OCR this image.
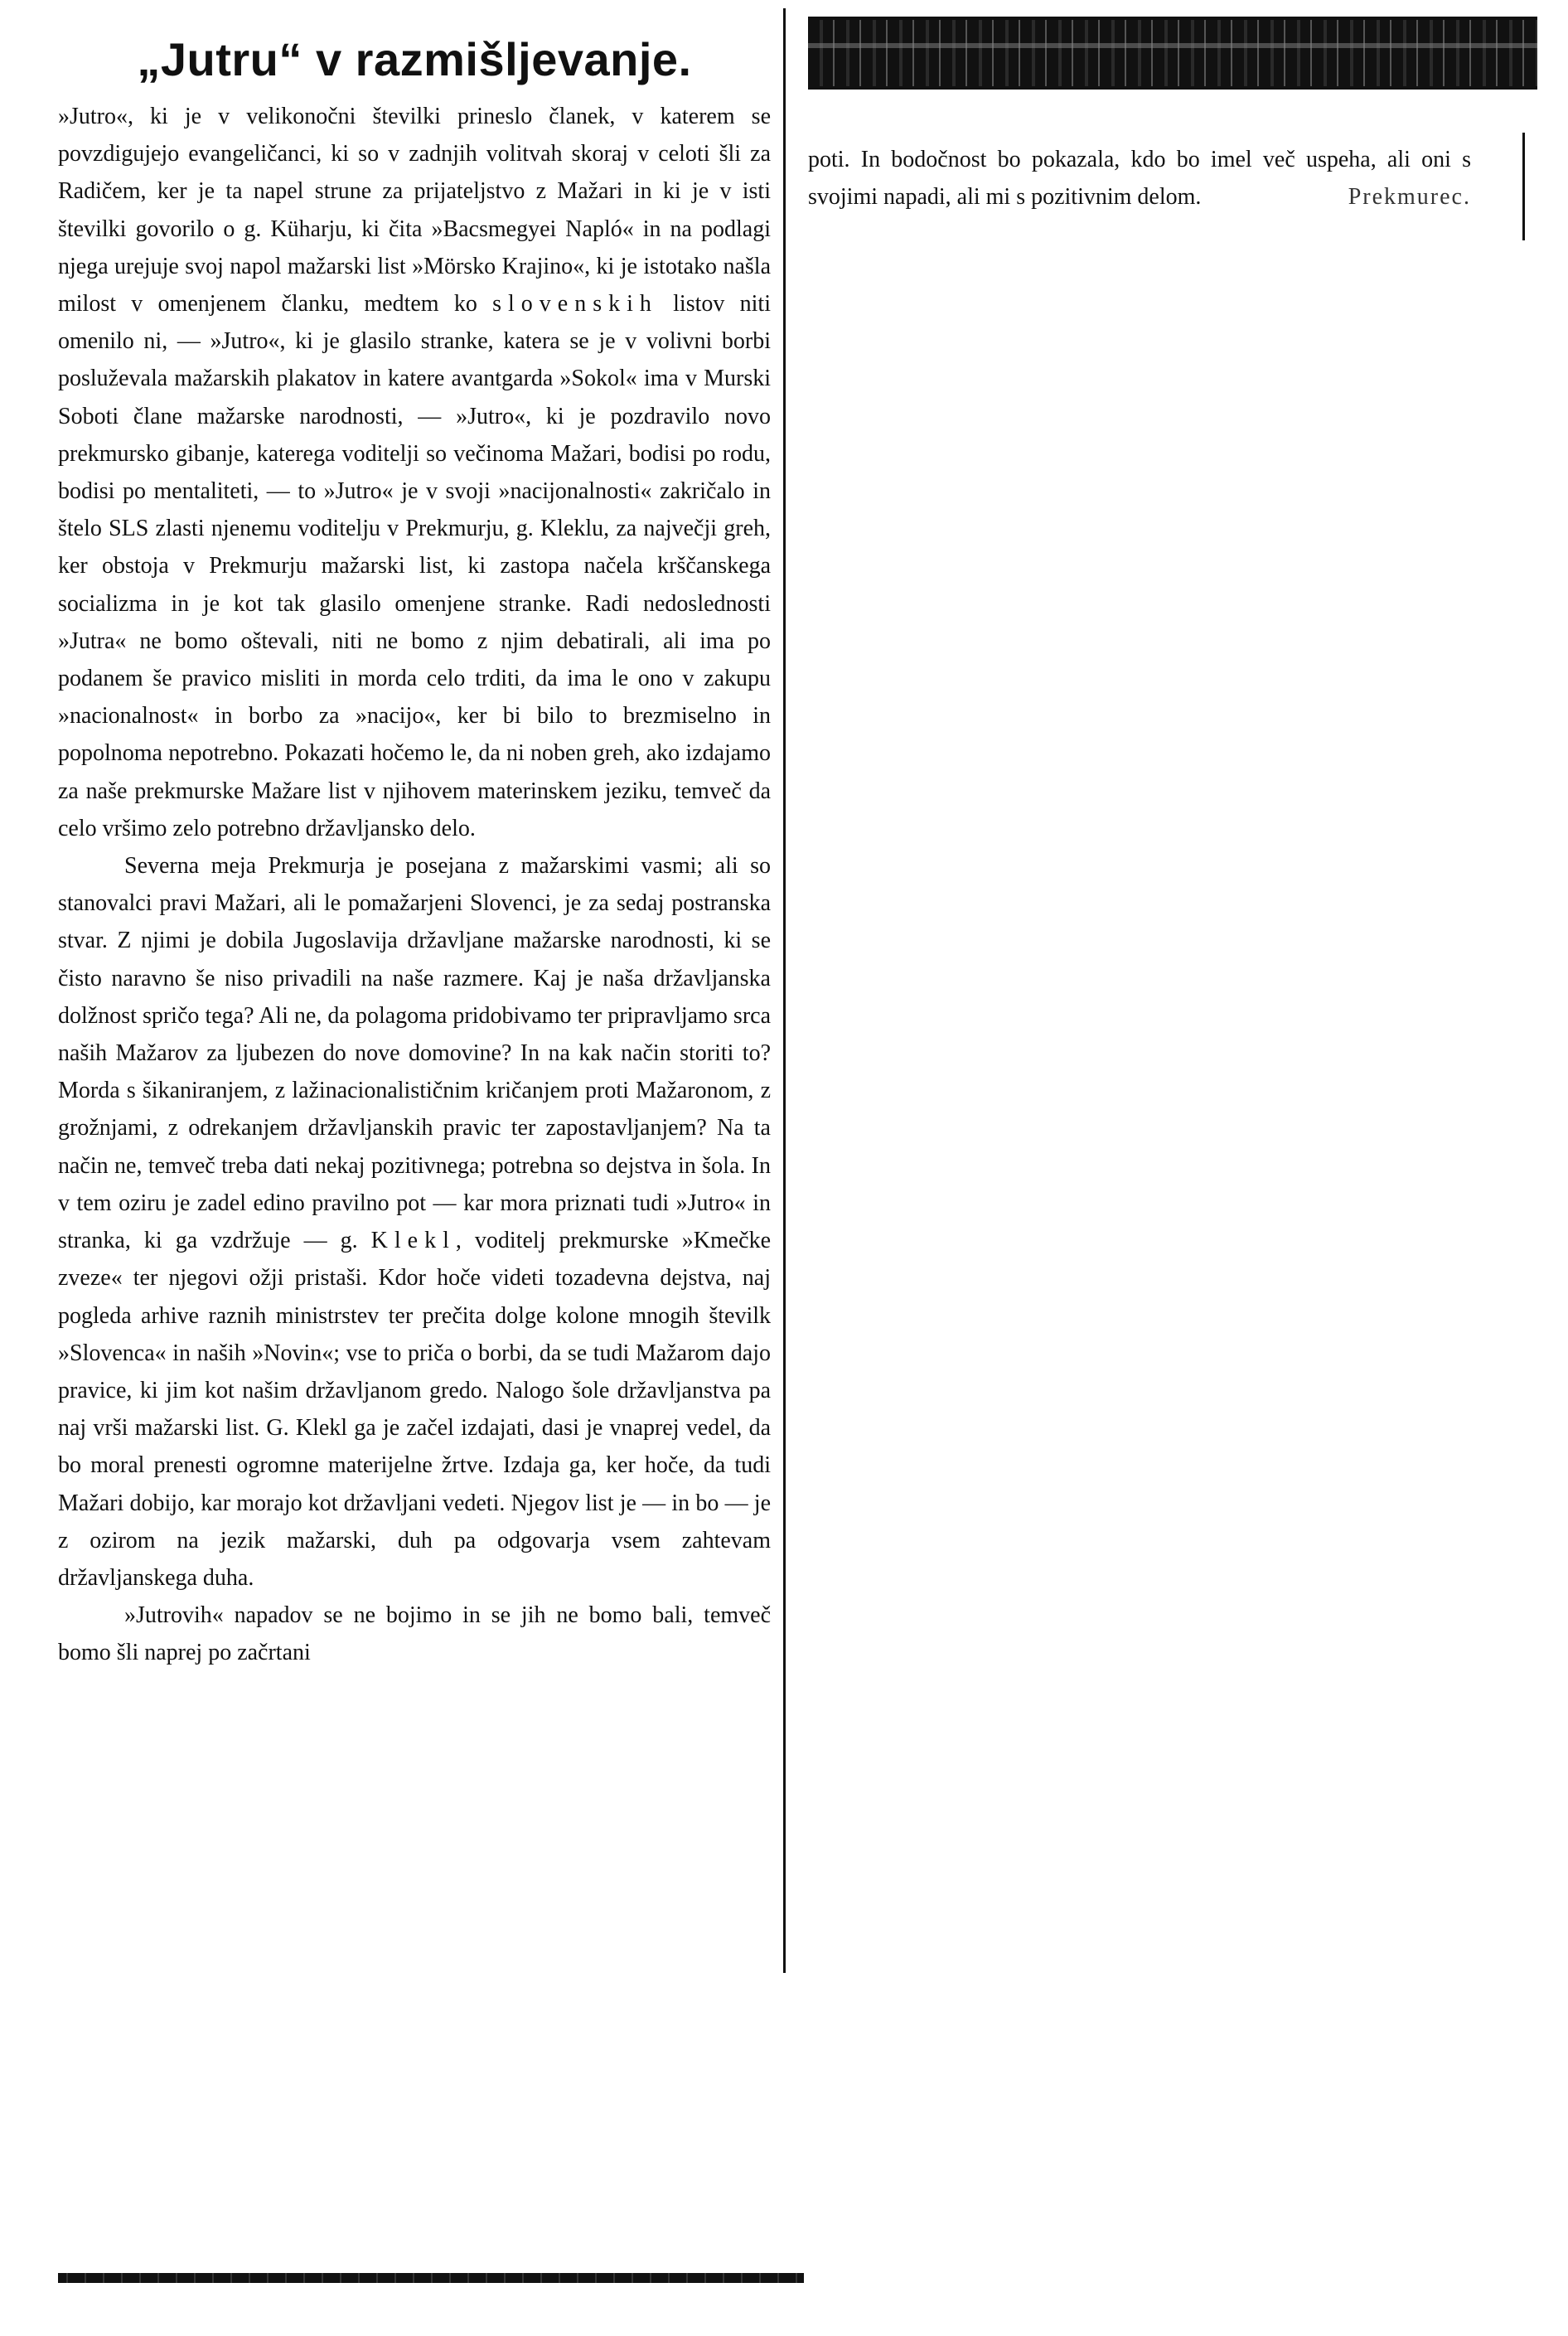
„Jutru“ v razmišljevanje.

»Jutro«, ki je v velikonočni številki prineslo članek, v katerem se povzdigujejo evangeličanci, ki so v zadnjih volitvah skoraj v celoti šli za Radičem, ker je ta napel strune za prijateljstvo z Mažari in ki je v isti številki govorilo o g. Küharju, ki čita »Bacsmegyei Napló« in na podlagi njega urejuje svoj napol mažarski list »Mörsko Krajino«, ki je istotako našla milost v omenjenem članku, medtem ko slovenskih listov niti omenilo ni, — »Jutro«, ki je glasilo stranke, katera se je v volivni borbi posluževala mažarskih plakatov in katere avantgarda »Sokol« ima v Murski Soboti člane mažarske narodnosti, — »Jutro«, ki je pozdravilo novo prekmursko gibanje, katerega voditelji so večinoma Mažari, bodisi po rodu, bodisi po mentaliteti, — to »Jutro« je v svoji »nacijonalnosti« zakričalo in štelo SLS zlasti njenemu voditelju v Prekmurju, g. Kleklu, za največji greh, ker obstoja v Prekmurju mažarski list, ki zastopa načela krščanskega socializma in je kot tak glasilo omenjene stranke. Radi nedoslednosti »Jutra« ne bomo oštevali, niti ne bomo z njim debatirali, ali ima po podanem še pravico misliti in morda celo trditi, da ima le ono v zakupu »nacionalnost« in borbo za »nacijo«, ker bi bilo to brezmiselno in popolnoma nepotrebno. Pokazati hočemo le, da ni noben greh, ako izdajamo za naše prekmurske Mažare list v njihovem materinskem jeziku, temveč da celo vršimo zelo potrebno državljansko delo.

Severna meja Prekmurja je posejana z mažarskimi vasmi; ali so stanovalci pravi Mažari, ali le pomažarjeni Slovenci, je za sedaj postranska stvar. Z njimi je dobila Jugoslavija državljane mažarske narodnosti, ki se čisto naravno še niso privadili na naše razmere. Kaj je naša državljanska dolžnost spričo tega? Ali ne, da polagoma pridobivamo ter pripravljamo srca naših Mažarov za ljubezen do nove domovine? In na kak način storiti to? Morda s šikaniranjem, z lažinacionalističnim kričanjem proti Mažaronom, z grožnjami, z odrekanjem državljanskih pravic ter zapostavljanjem? Na ta način ne, temveč treba dati nekaj pozitivnega; potrebna so dejstva in šola. In v tem oziru je zadel edino pravilno pot — kar mora priznati tudi »Jutro« in stranka, ki ga vzdržuje — g. Klekl, voditelj prekmurske »Kmečke zveze« ter njegovi ožji pristaši. Kdor hoče videti tozadevna dejstva, naj pogleda arhive raznih ministrstev ter prečita dolge kolone mnogih številk »Slovenca« in naših »Novin«; vse to priča o borbi, da se tudi Mažarom dajo pravice, ki jim kot našim državljanom gredo. Nalogo šole državljanstva pa naj vrši mažarski list. G. Klekl ga je začel izdajati, dasi je vnaprej vedel, da bo moral prenesti ogromne materijelne žrtve. Izdaja ga, ker hoče, da tudi Mažari dobijo, kar morajo kot državljani vedeti. Njegov list je — in bo — je z ozirom na jezik mažarski, duh pa odgovarja vsem zahtevam državljanskega duha.

»Jutrovih« napadov se ne bojimo in se jih ne bomo bali, temveč bomo šli naprej po začrtani

poti. In bodočnost bo pokazala, kdo bo imel več uspeha, ali oni s svojimi napadi, ali mi s pozitivnim delom.	Prekmurec.
